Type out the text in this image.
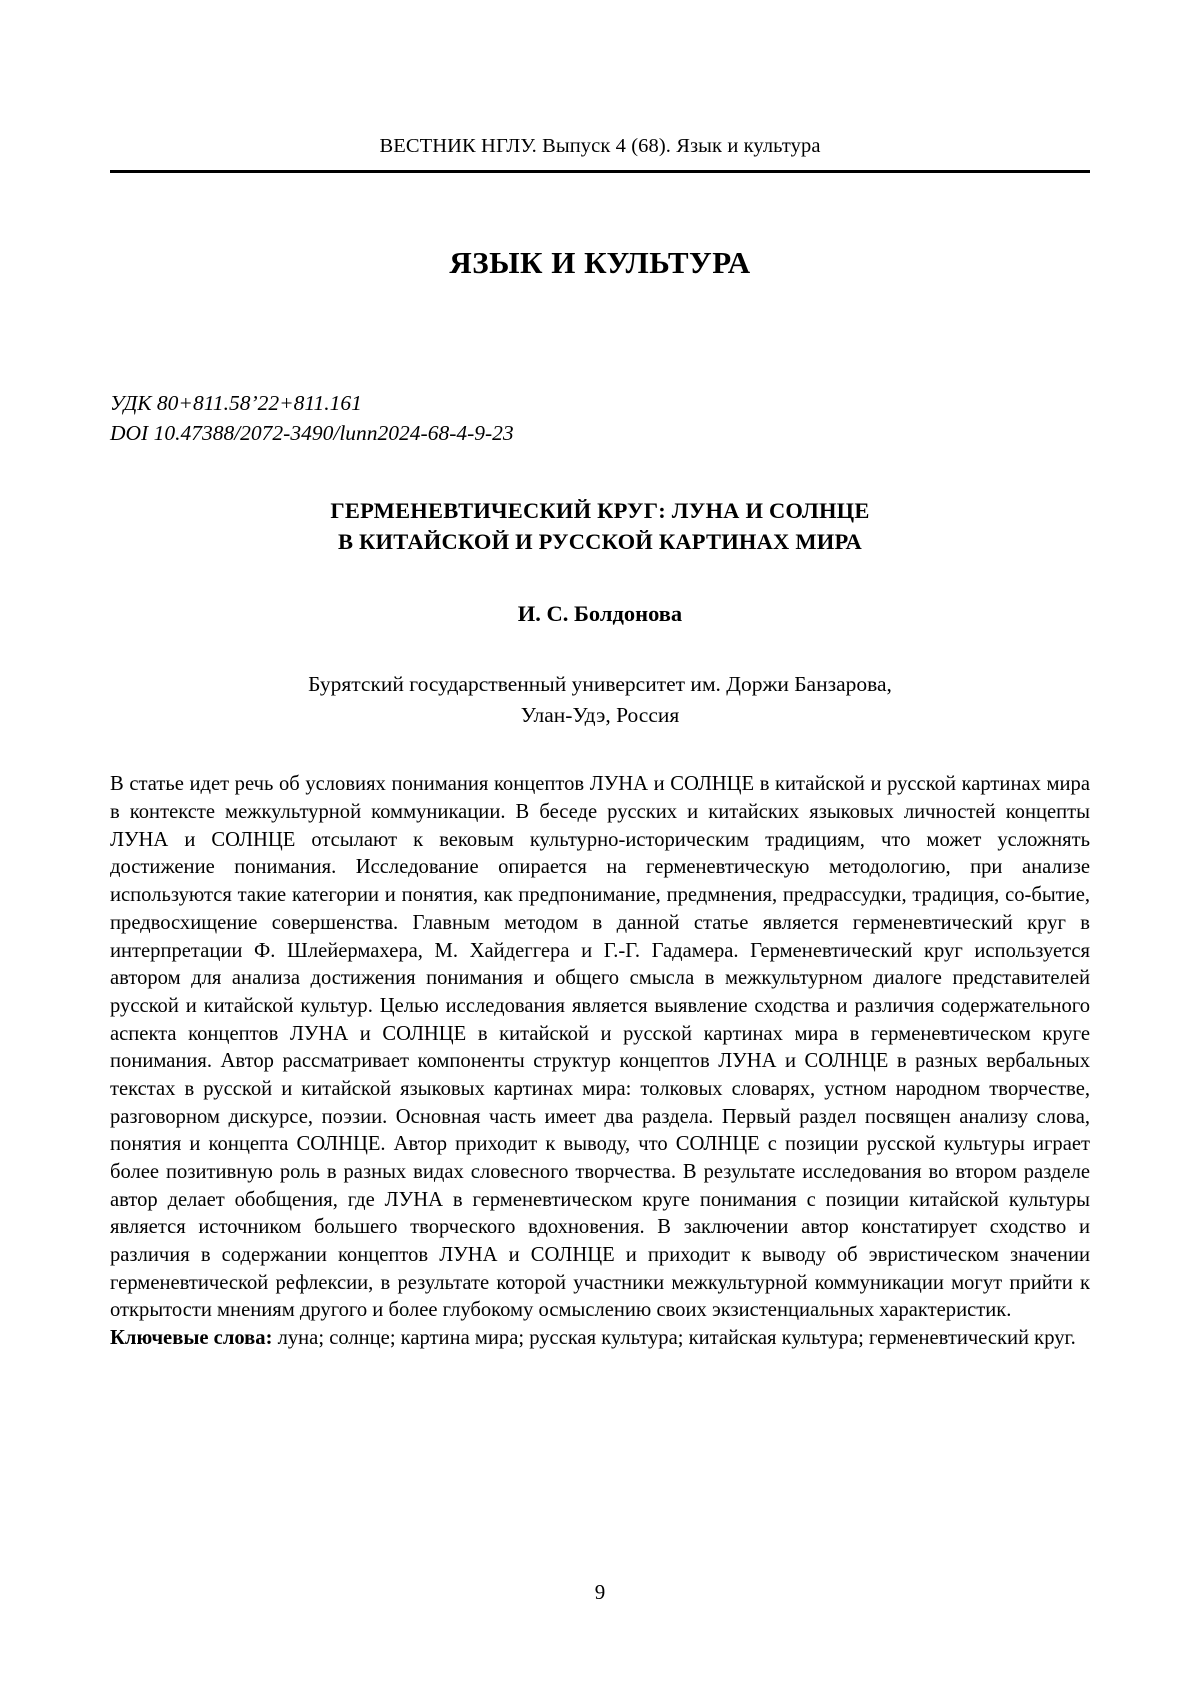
ВЕСТНИК НГЛУ. Выпуск 4 (68). Язык и культура
ЯЗЫК И КУЛЬТУРА
УДК 80+811.58’22+811.161
DOI 10.47388/2072-3490/lunn2024-68-4-9-23
ГЕРМЕНЕВТИЧЕСКИЙ КРУГ: ЛУНА И СОЛНЦЕ
В КИТАЙСКОЙ И РУССКОЙ КАРТИНАХ МИРА
И. С. Болдонова
Бурятский государственный университет им. Доржи Банзарова,
Улан-Удэ, Россия

В статье идет речь об условиях понимания концептов ЛУНА и СОЛНЦЕ в китайской и русской картинах мира в контексте межкультурной коммуникации. В беседе русских и китайских языковых личностей концепты ЛУНА и СОЛНЦЕ отсылают к вековым культурно-историческим традициям, что может усложнять достижение понимания. Исследование опирается на герменевтическую методологию, при анализе используются такие категории и понятия, как предпонимание, предмнения, предрассудки, традиция, со-бытие, предвосхищение совершенства. Главным методом в данной статье является герменевтический круг в интерпретации Ф. Шлейермахера, М. Хайдеггера и Г.-Г. Гадамера. Герменевтический круг используется автором для анализа достижения понимания и общего смысла в межкультурном диалоге представителей русской и китайской культур. Целью исследования является выявление сходства и различия содержательного аспекта концептов ЛУНА и СОЛНЦЕ в китайской и русской картинах мира в герменевтическом круге понимания. Автор рассматривает компоненты структур концептов ЛУНА и СОЛНЦЕ в разных вербальных текстах в русской и китайской языковых картинах мира: толковых словарях, устном народном творчестве, разговорном дискурсе, поэзии. Основная часть имеет два раздела. Первый раздел посвящен анализу слова, понятия и концепта СОЛНЦЕ. Автор приходит к выводу, что СОЛНЦЕ с позиции русской культуры играет более позитивную роль в разных видах словесного творчества. В результате исследования во втором разделе автор делает обобщения, где ЛУНА в герменевтическом круге понимания с позиции китайской культуры является источником большего творческого вдохновения. В заключении автор констатирует сходство и различия в содержании концептов ЛУНА и СОЛНЦЕ и приходит к выводу об эвристическом значении герменевтической рефлексии, в результате которой участники межкультурной коммуникации могут прийти к открытости мнениям другого и более глубокому осмыслению своих экзистенциальных характеристик.

Ключевые слова: луна; солнце; картина мира; русская культура; китайская культура; герменевтический круг.
9
